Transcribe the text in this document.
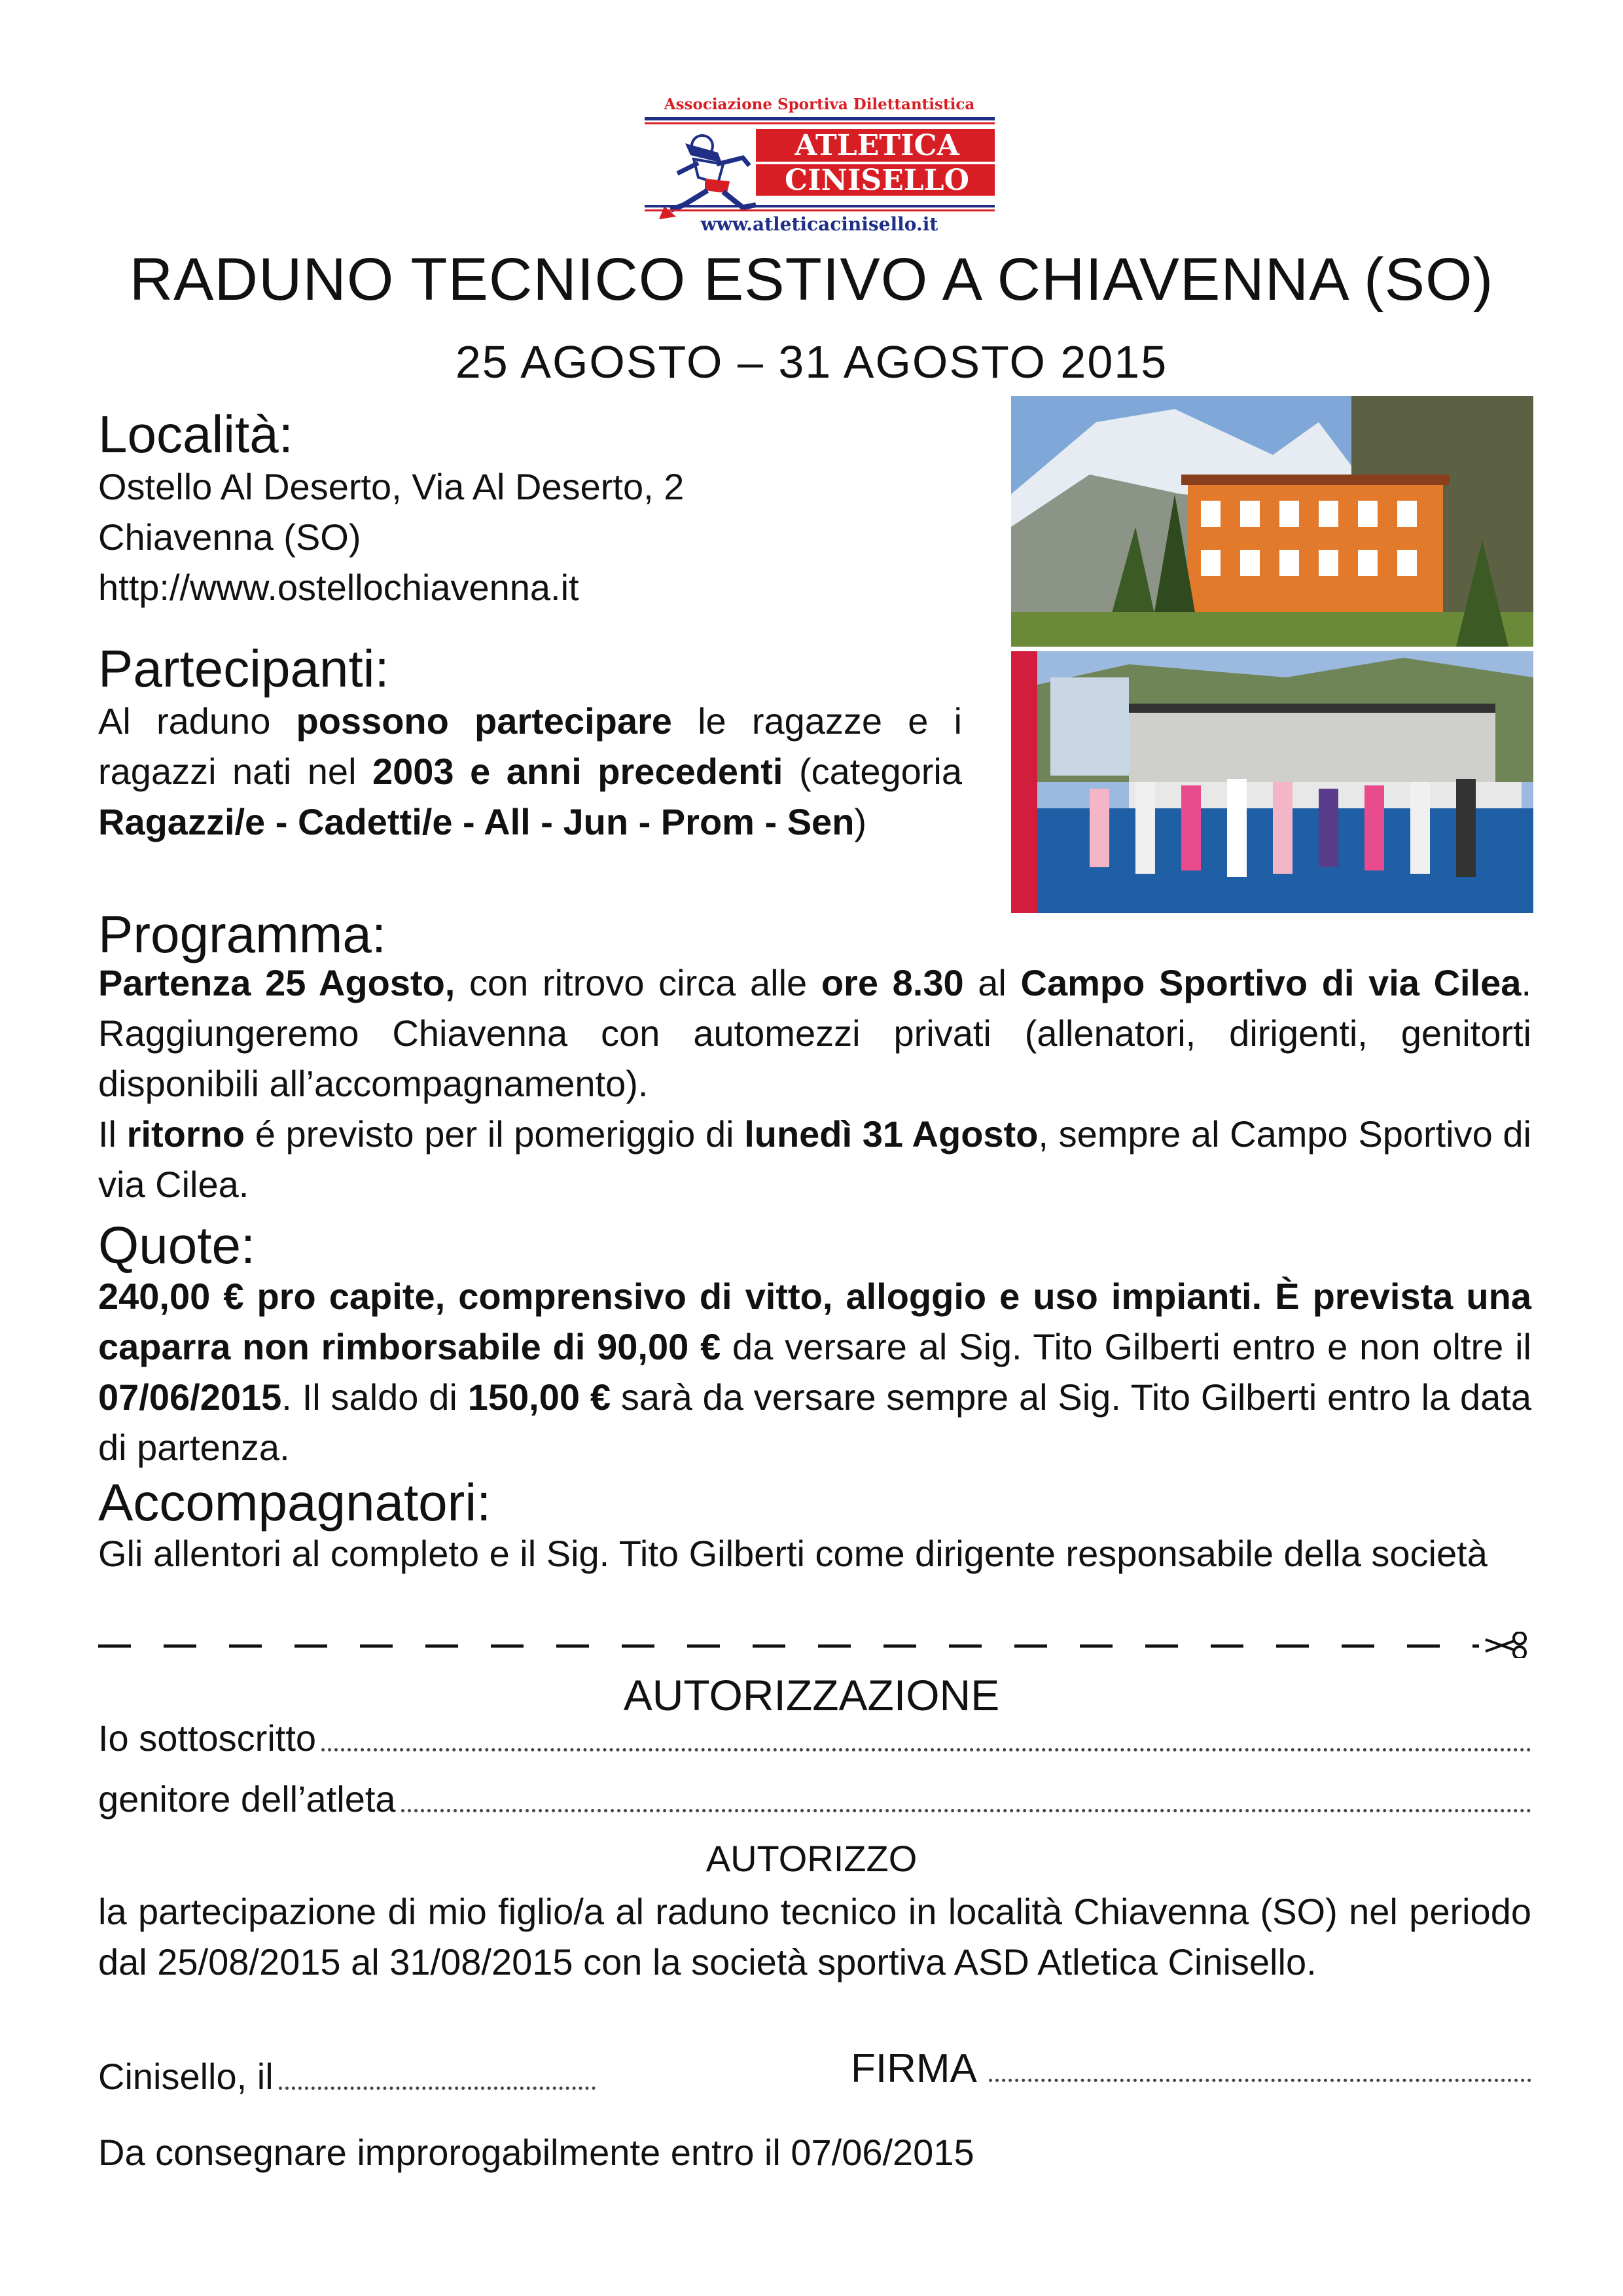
Associazione Sportiva Dilettantistica
ATLETICA
CINISELLO
www.atleticacinisello.it
RADUNO TECNICO ESTIVO A CHIAVENNA (SO)
25 AGOSTO – 31 AGOSTO 2015
Località:
Ostello Al Deserto, Via Al Deserto, 2
Chiavenna (SO)
http://www.ostellochiavenna.it
Partecipanti:
Al raduno possono partecipare le ragazze e i ragazzi nati nel 2003 e anni precedenti (categoria Ragazzi/e - Cadetti/e - All - Jun - Prom - Sen)
Programma:
Partenza 25 Agosto, con ritrovo circa alle ore 8.30 al Campo Sportivo di via Cilea. Raggiungeremo Chiavenna con automezzi privati (allenatori, dirigenti, genitorti disponibili all’accompagnamento).
Il ritorno é previsto per il pomeriggio di lunedì 31 Agosto, sempre al Campo Sportivo di via Cilea.
Quote:
240,00 € pro capite, comprensivo di vitto, alloggio e uso impianti. È prevista una caparra non rimborsabile di 90,00 € da versare al Sig. Tito Gilberti entro e non oltre il 07/06/2015. Il saldo di 150,00 € sarà da versare sempre al Sig. Tito Gilberti entro la data di partenza.
Accompagnatori:
Gli allentori al completo e il Sig. Tito Gilberti come dirigente responsabile della società
AUTORIZZAZIONE
Io sottoscritto
genitore dell’atleta
AUTORIZZO
la partecipazione di mio figlio/a al raduno tecnico in località Chiavenna (SO) nel periodo dal 25/08/2015 al 31/08/2015 con la società sportiva ASD Atletica Cinisello.
Cinisello, il	FIRMA
Da consegnare improrogabilmente entro il 07/06/2015
